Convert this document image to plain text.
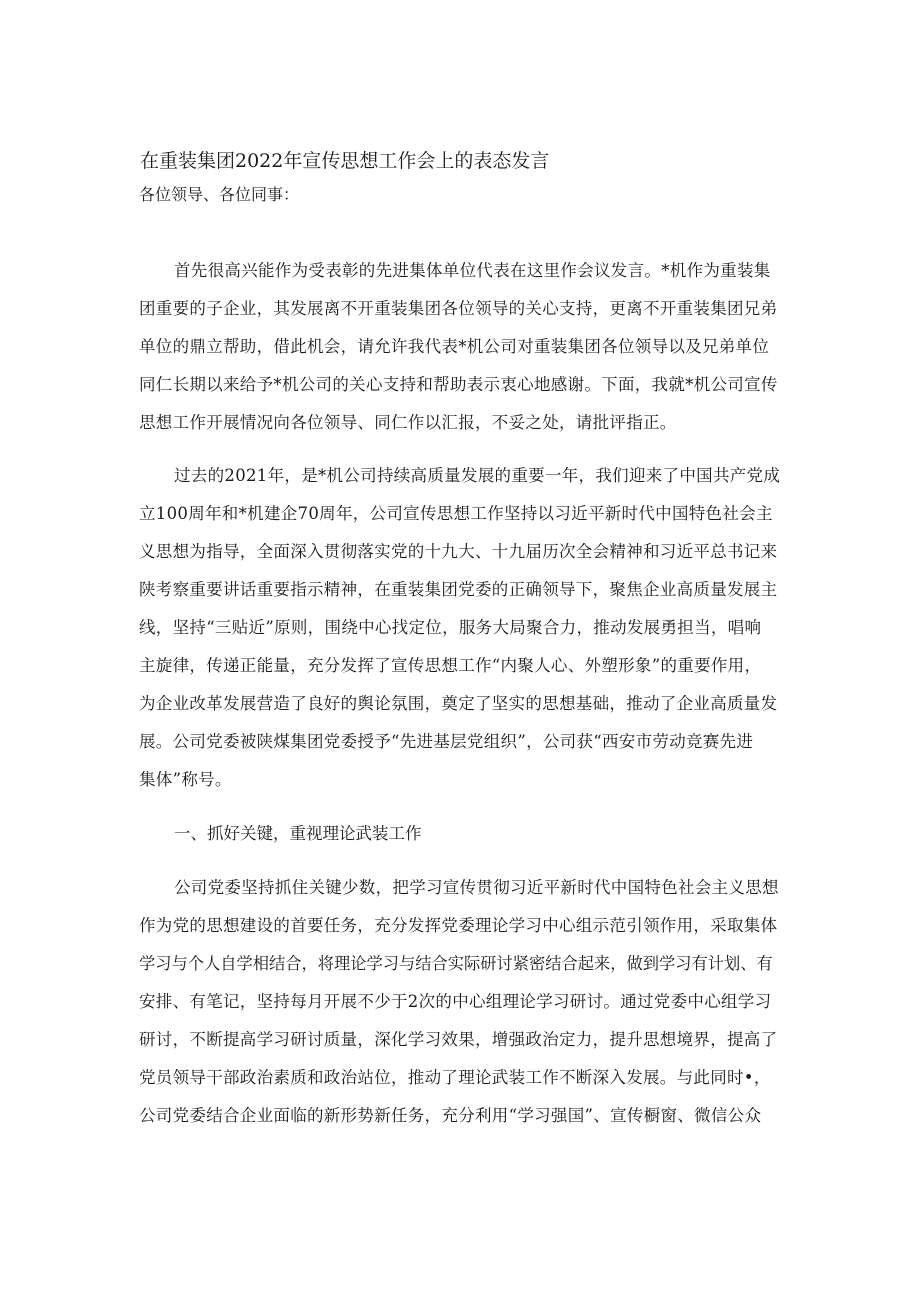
在重装集团2022年宣传思想工作会上的表态发言
各位领导、各位同事：
首先很高兴能作为受表彰的先进集体单位代表在这里作会议发言。*机作为重装集
团重要的子企业，其发展离不开重装集团各位领导的关心支持，更离不开重装集团兄弟
单位的鼎立帮助，借此机会，请允许我代表*机公司对重装集团各位领导以及兄弟单位
同仁长期以来给予*机公司的关心支持和帮助表示衷心地感谢。下面，我就*机公司宣传
思想工作开展情况向各位领导、同仁作以汇报，不妥之处，请批评指正。
过去的2021年，是*机公司持续高质量发展的重要一年，我们迎来了中国共产党成
立100周年和*机建企70周年，公司宣传思想工作坚持以习近平新时代中国特色社会主
义思想为指导，全面深入贯彻落实党的十九大、十九届历次全会精神和习近平总书记来
陕考察重要讲话重要指示精神，在重装集团党委的正确领导下，聚焦企业高质量发展主
线，坚持“三贴近”原则，围绕中心找定位，服务大局聚合力，推动发展勇担当，唱响
主旋律，传递正能量，充分发挥了宣传思想工作“内聚人心、外塑形象”的重要作用，
为企业改革发展营造了良好的舆论氛围，奠定了坚实的思想基础，推动了企业高质量发
展。公司党委被陕煤集团党委授予“先进基层党组织”，公司获“西安市劳动竞赛先进
集体”称号。
一、抓好关键，重视理论武装工作
公司党委坚持抓住关键少数，把学习宣传贯彻习近平新时代中国特色社会主义思想
作为党的思想建设的首要任务，充分发挥党委理论学习中心组示范引领作用，采取集体
学习与个人自学相结合，将理论学习与结合实际研讨紧密结合起来，做到学习有计划、有
安排、有笔记，坚持每月开展不少于2次的中心组理论学习研讨。通过党委中心组学习
研讨，不断提高学习研讨质量，深化学习效果，增强政治定力，提升思想境界，提高了
党员领导干部政治素质和政治站位，推动了理论武装工作不断深入发展。与此同时•，
公司党委结合企业面临的新形势新任务，充分利用“学习强国”、宣传橱窗、微信公众
